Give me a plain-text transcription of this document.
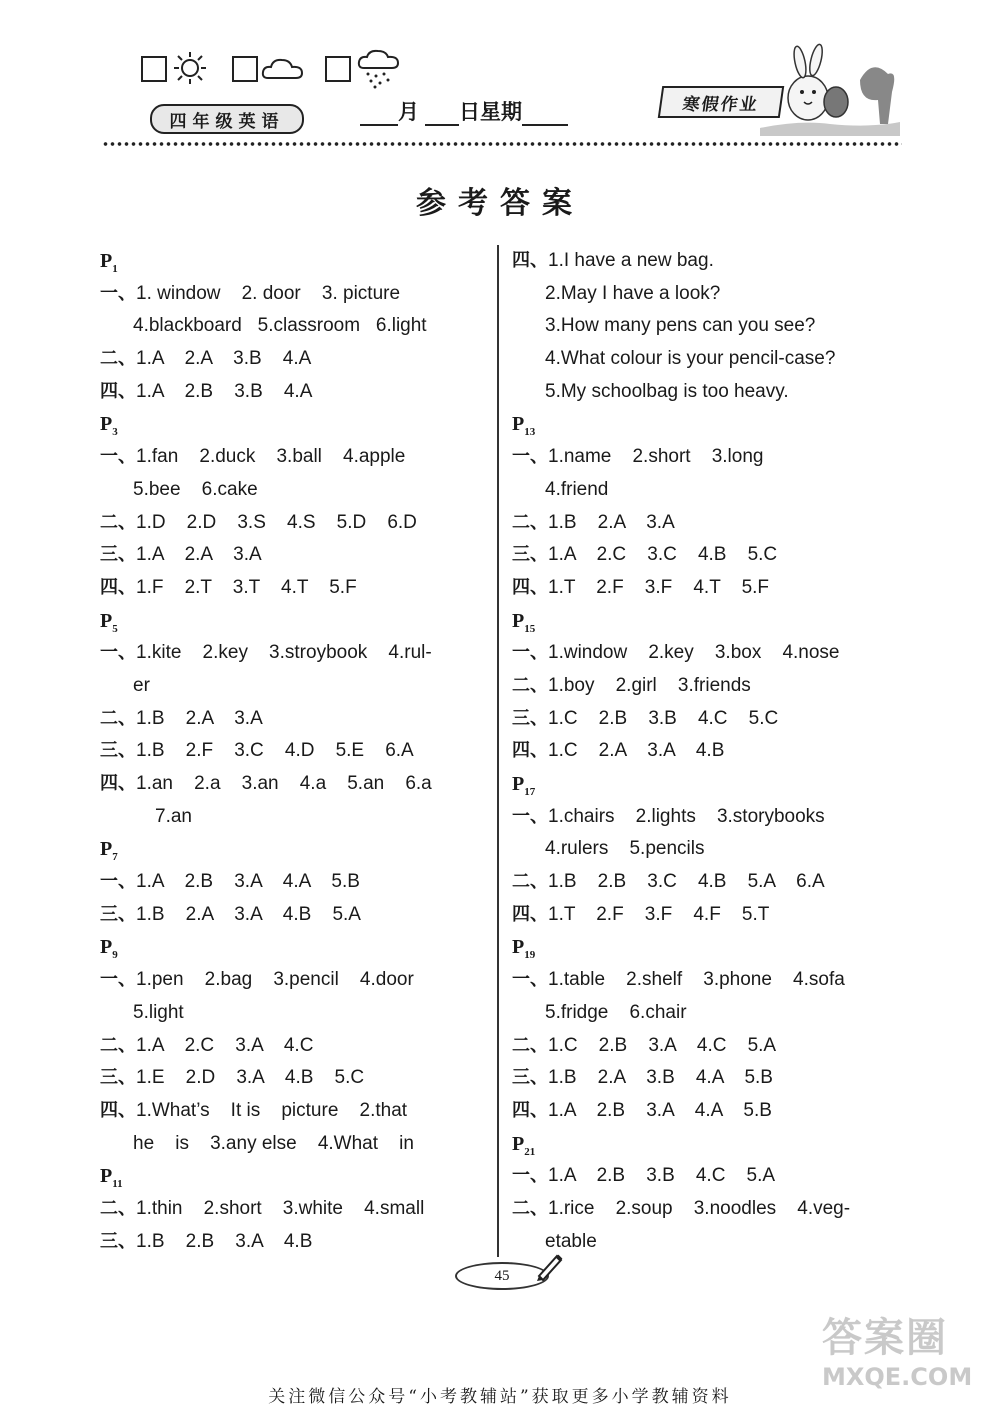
四年级英语	月 日星期	寒假作业
参考答案
$P_1$
一、1. window    2. door    3. picture
4.blackboard   5.classroom   6.light
二、1.A    2.A    3.B    4.A
四、1.A    2.B    3.B    4.A
$P_3$
一、1.fan    2.duck    3.ball    4.apple
5.bee    6.cake
二、1.D    2.D    3.S    4.S    5.D    6.D
三、1.A    2.A    3.A
四、1.F    2.T    3.T    4.T    5.F
$P_5$
一、1.kite    2.key    3.stroybook    4.rul-
er
二、1.B    2.A    3.A
三、1.B    2.F    3.C    4.D    5.E    6.A
四、1.an    2.a    3.an    4.a    5.an    6.a
7.an
$P_7$
一、1.A    2.B    3.A    4.A    5.B
三、1.B    2.A    3.A    4.B    5.A
$P_9$
一、1.pen    2.bag    3.pencil    4.door
5.light
二、1.A    2.C    3.A    4.C
三、1.E    2.D    3.A    4.B    5.C
四、1.What’s    It is    picture    2.that
he    is    3.any else    4.What    in
$P_{11}$
二、1.thin    2.short    3.white    4.small
三、1.B    2.B    3.A    4.B
四、1.I have a new bag.
2.May I have a look?
3.How many pens can you see?
4.What colour is your pencil-case?
5.My schoolbag is too heavy.
$P_{13}$
一、1.name    2.short    3.long
4.friend
二、1.B    2.A    3.A
三、1.A    2.C    3.C    4.B    5.C
四、1.T    2.F    3.F    4.T    5.F
$P_{15}$
一、1.window    2.key    3.box    4.nose
二、1.boy    2.girl    3.friends
三、1.C    2.B    3.B    4.C    5.C
四、1.C    2.A    3.A    4.B
$P_{17}$
一、1.chairs    2.lights    3.storybooks
4.rulers    5.pencils
二、1.B    2.B    3.C    4.B    5.A    6.A
四、1.T    2.F    3.F    4.F    5.T
$P_{19}$
一、1.table    2.shelf    3.phone    4.sofa
5.fridge    6.chair
二、1.C    2.B    3.A    4.C    5.A
三、1.B    2.A    3.B    4.A    5.B
四、1.A    2.B    3.A    4.A    5.B
$P_{21}$
一、1.A    2.B    3.B    4.C    5.A
二、1.rice    2.soup    3.noodles    4.veg-
etable
45
答案圈
MXQE.COM
关注微信公众号“小考教辅站”获取更多小学教辅资料
